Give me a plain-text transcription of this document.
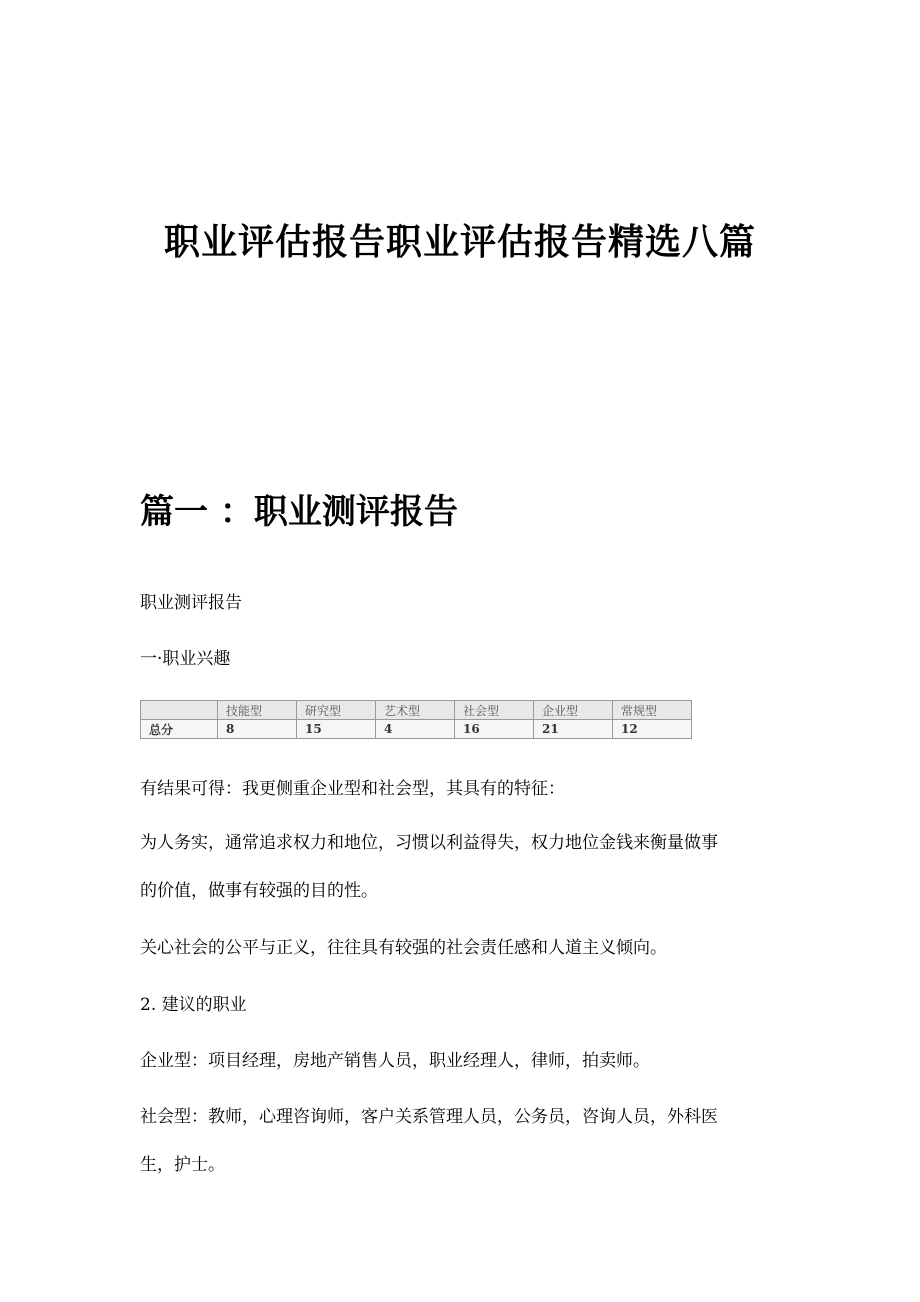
职业评估报告职业评估报告精选八篇
篇一 ：职业测评报告

职业测评报告

一·职业兴趣

	技能型	研究型	艺术型	社会型	企业型	常规型
总分	8	15	4	16	21	12

有结果可得：我更侧重企业型和社会型，其具有的特征：

为人务实，通常追求权力和地位，习惯以利益得失，权力地位金钱来衡量做事

的价值，做事有较强的目的性。

关心社会的公平与正义，往往具有较强的社会责任感和人道主义倾向。

2. 建议的职业

企业型：项目经理，房地产销售人员，职业经理人，律师，拍卖师。

社会型：教师，心理咨询师，客户关系管理人员，公务员，咨询人员，外科医

生，护士。
